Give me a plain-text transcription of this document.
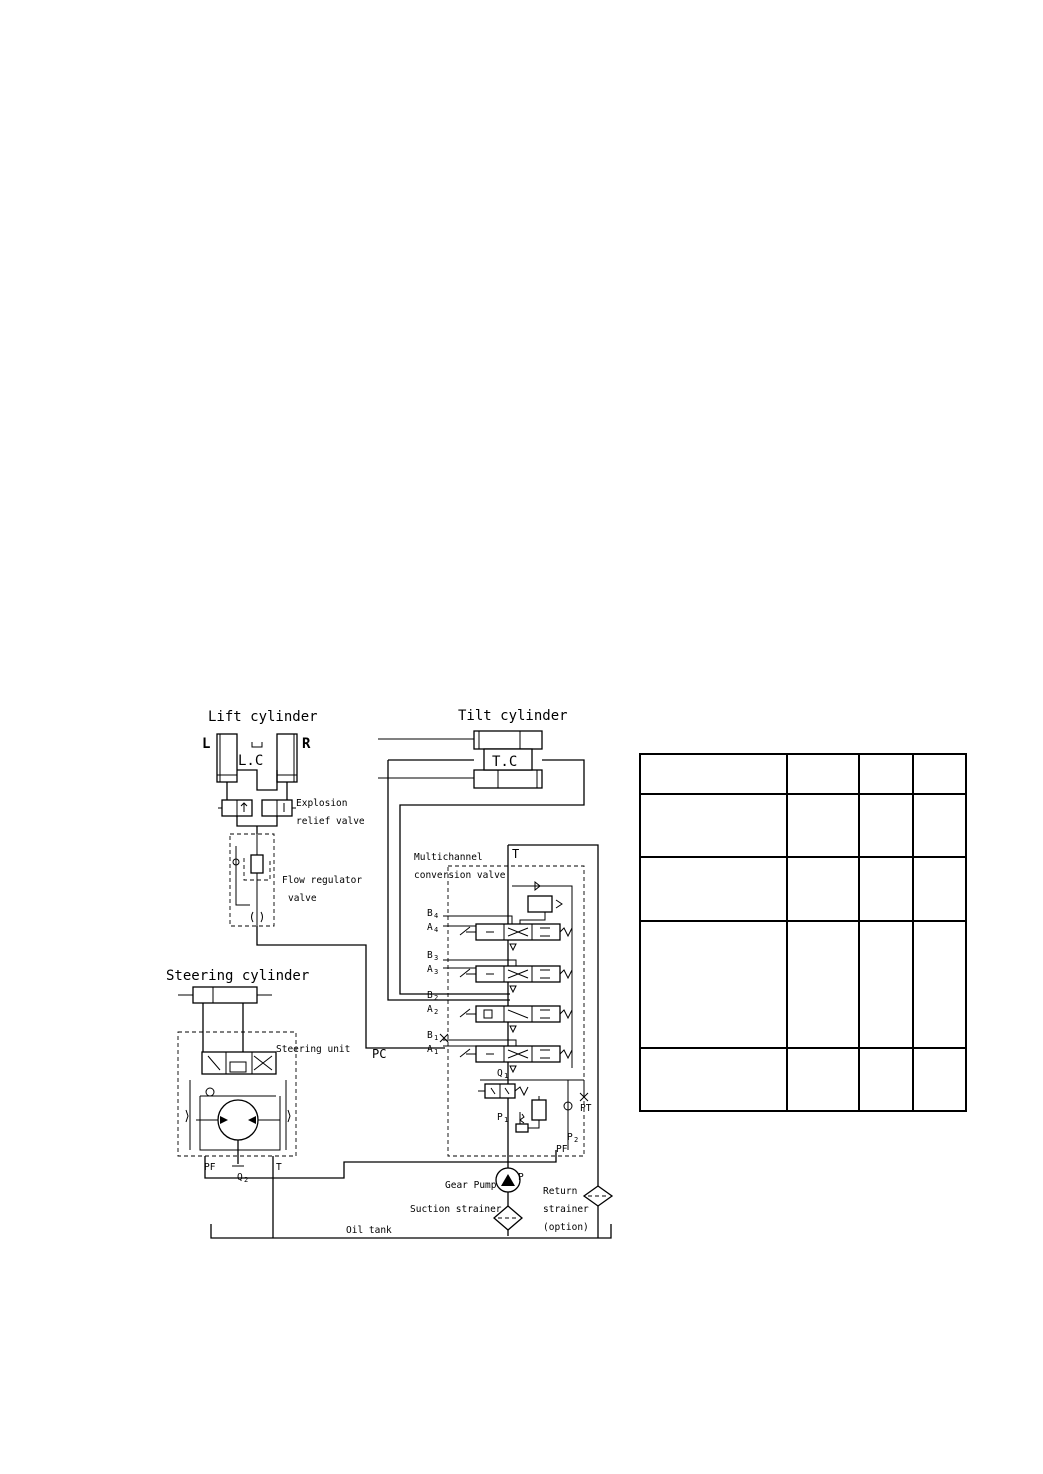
Lift cylinder
L	R
L.C
Explosion
relief valve
Flow regulator
valve
Tilt cylinder
T.C
Multichannel
conversion valve
T
B 4
A 4
B 3
A 3
B 2
A 2
B 1
A 1
PC
Q 1
P 1
P 2
PT
PF
Steering cylinder
Steering unit
PF
Q 2
T
Gear Pump
P
Suction strainer
Return
strainer
(option)
Oil tank
